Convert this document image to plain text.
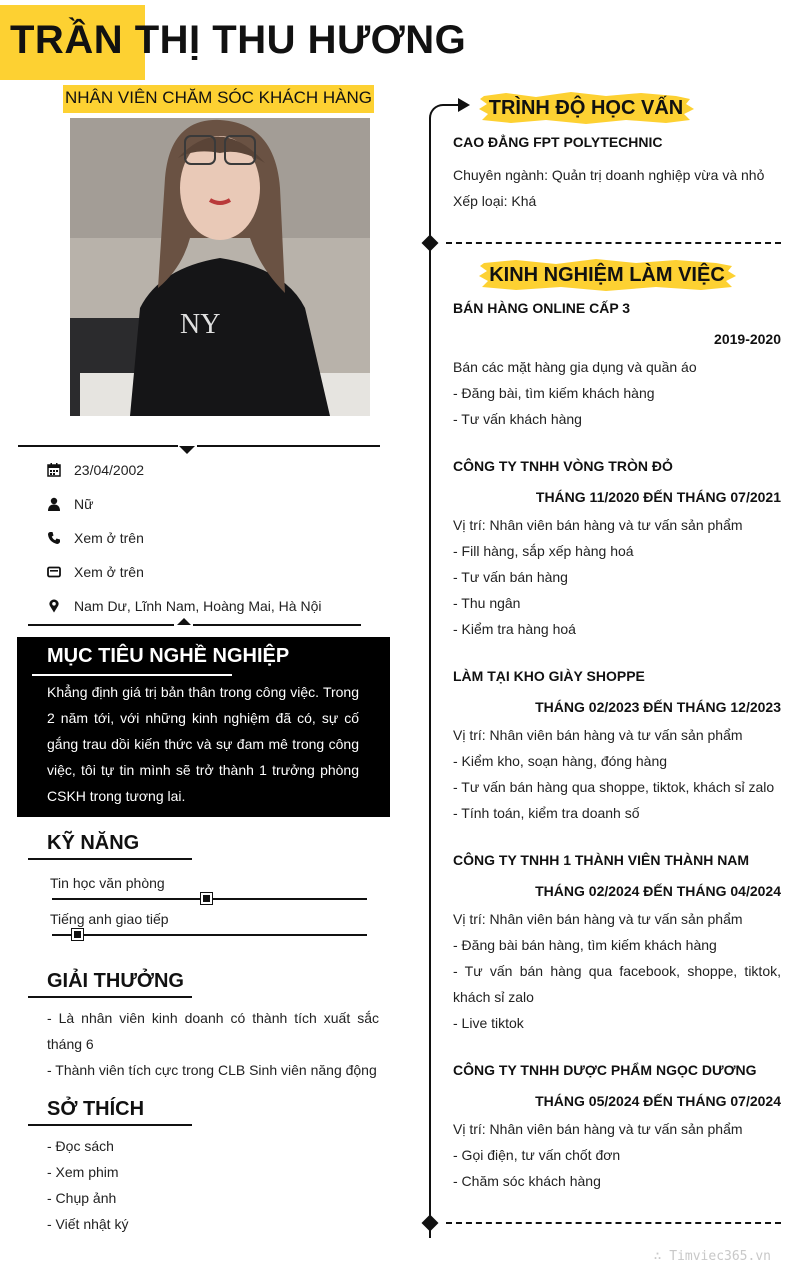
TRẦN THỊ THU HƯƠNG
NHÂN VIÊN CHĂM SÓC KHÁCH HÀNG
NY
23/04/2002
Nữ
Xem ở trên
Xem ở trên
Nam Dư, Lĩnh Nam, Hoàng Mai, Hà Nội
MỤC TIÊU NGHỀ NGHIỆP
Khẳng định giá trị bản thân trong công việc. Trong 2 năm tới, với những kinh nghiệm đã có, sự cố gắng trau dồi kiến thức và sự đam mê trong công việc, tôi tự tin mình sẽ trở thành 1 trưởng phòng CSKH trong tương lai.
KỸ NĂNG
Tin học văn phòng
Tiếng anh giao tiếp
GIẢI THƯỞNG
- Là nhân viên kinh doanh có thành tích xuất sắc tháng 6
- Thành viên tích cực trong CLB Sinh viên năng động
SỞ THÍCH
- Đọc sách
- Xem phim
- Chụp ảnh
- Viết nhật ký
TRÌNH ĐỘ HỌC VẤN
CAO ĐẲNG FPT POLYTECHNIC
Chuyên ngành: Quản trị doanh nghiệp vừa và nhỏ
Xếp loại: Khá
KINH NGHIỆM LÀM VIỆC
BÁN HÀNG ONLINE CẤP 3
2019-2020
Bán các mặt hàng gia dụng và quần áo
- Đăng bài, tìm kiếm khách hàng
- Tư vấn khách hàng
CÔNG TY TNHH VÒNG TRÒN ĐỎ
THÁNG 11/2020 ĐẾN THÁNG 07/2021
Vị trí: Nhân viên bán hàng và tư vấn sản phẩm
- Fill hàng, sắp xếp hàng hoá
- Tư vấn bán hàng
- Thu ngân
- Kiểm tra hàng hoá
LÀM TẠI KHO GIÀY SHOPPE
THÁNG 02/2023 ĐẾN THÁNG 12/2023
Vị trí: Nhân viên bán hàng và tư vấn sản phẩm
- Kiểm kho, soạn hàng, đóng hàng
- Tư vấn bán hàng qua shoppe, tiktok, khách sỉ zalo
- Tính toán, kiểm tra doanh số
CÔNG TY TNHH 1 THÀNH VIÊN THÀNH NAM
THÁNG 02/2024 ĐẾN THÁNG 04/2024
Vị trí: Nhân viên bán hàng và tư vấn sản phẩm
- Đăng bài bán hàng, tìm kiếm khách hàng
- Tư vấn bán hàng qua facebook, shoppe, tiktok, khách sỉ zalo
- Live tiktok
CÔNG TY TNHH DƯỢC PHẨM NGỌC DƯƠNG
THÁNG 05/2024 ĐẾN THÁNG 07/2024
Vị trí: Nhân viên bán hàng và tư vấn sản phẩm
- Gọi điện, tư vấn chốt đơn
- Chăm sóc khách hàng
∴ Timviec365.vn
